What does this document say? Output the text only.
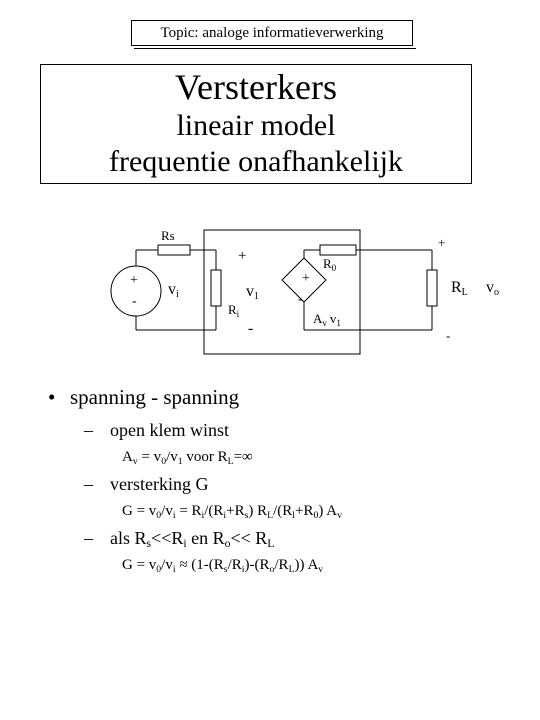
Topic: analoge informatieverwerking
Versterkers
lineair model
frequentie onafhankelijk
Rs
+
-
vi
+
v1
$R_i$
-
+
-
$R_0$
$A_v$ $v_1$
+
-
RL vo
• spanning - spanning
– open klem winst
$A_v = v_0/v_1$ voor $R_L=\infty$
– versterking G
$G = v_0/v_i = R_i/(R_i+R_s)$ $R_L/(R_l+R_0)$ $A_v$
– als $R_s<<R_i$ en $R_o<< R_L$
$G = v_0/v_i \approx (1-(R_s/R_i)-(R_o/R_L))$ $A_v$
